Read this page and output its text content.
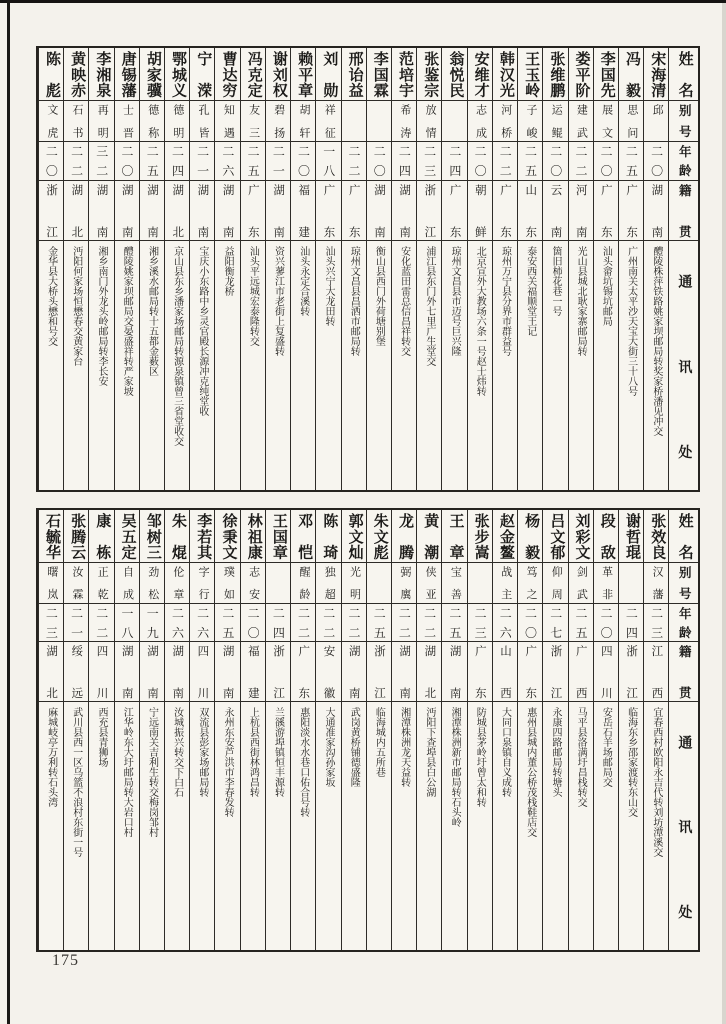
姓名
别号
年龄
籍贯
通讯处
宋海清
邱
二〇
湖南
醴陵株萍铁路姚家坝邮局转奖家桥潘见冲交
冯毅
思问
二五
广东
广州南关太平沙天宝大街三十八号
李国先
展文
二〇
广东
汕头畲坑锡坑邮局
娄平阶
建武
二二
河南
光山县城北耿家寨邮局转
张维鹏
运鲲
二〇
云南
箇旧柿花巷一号
王玉岭
子峻
二五
山东
泰安西关福顺堂王记
韩汉光
河桥
二二
广东
琼州万宁县分界市群益号
安维才
志成
二〇
朝鲜
北京宣外大教场六条一号赵士炜转
翁悦民
二四
广东
琼州文昌县市迈号巨兴隆
张鉴宗
放情
二三
浙江
浦江县东门外七里广生堂交
范培宇
希涛
二四
湖南
安化蓝田雷总信昌祥转交
李国霖
二〇
湖南
衡山县西门外荷塘别堡
邢诒益
二二
广东
琼州文昌县昌洒市邮局转
刘勋
祥征
一八
广东
汕头兴宁大龙田转
赖平章
胡轩
二〇
福建
汕头永定合溪转
谢刘权
碧扬
二一
湖南
资兴蓼江市老街上复盛转
冯克定
友三
二五
广东
汕头平远城宏泰隆转交
曹达穷
知遇
二六
湖南
益阳衡龙桥
宁溁
孔皆
二一
湖南
宝庆小东路中乡灵官殿长源冲克纯堂收
鄂城义
德明
二四
湖北
京山县东乡潘家场邮局转源泉镇曾三省堂收交
胡家骥
德称
二五
湖南
湘乡溪水邮局转十五都金薮区
唐锡藩
士晋
二〇
湖南
醴陵姚家坝邮局交晏盛祥转严家坡
李湘泉
再明
三二
湖南
湘乡南门外龙头岭邮局转李长安
黄映赤
石书
二二
湖北
沔阳何家场恒懋春交黄家台
陈彪
文虎
二〇
浙江
金华县大桥头懋和号交
姓名
别号
年龄
籍贯
通讯处
张效良
汉藩
二三
江西
宜春西村欧阳永吉代转刘坊潭溪交
谢哲琨
二四
浙江
临海东乡邵家渡转东山交
段敌
革非
二〇
四川
安岳石羊场邮局交
刘彩文
剑武
二五
广西
马平县洛满圩昌栈转交
吕文郁
仰周
二七
浙江
永康四路邮局转塘头
杨毅
笃之
二〇
广东
惠州县城内董公桥茂栈鞋店交
赵金鳌
战主
二六
山西
大同口泉镇自义成转
张步嵩
二三
广东
防城县茅岭圩曾太和转
王章
宝善
二五
湖南
湘潭株洲新市邮局转石头岭
黄潮
侠亚
二二
湖北
沔阳下查埠县白公湖
龙腾
弼廙
二二
湖南
湘潭株洲龙天益转
朱文彪
二五
浙江
临海城内五所巷
郭文灿
光明
二二
湖南
武岗黄桥铺德盛隆
陈琦
独超
二二
安徽
大通准家沟孙家坂
邓恺
醒龄
二二
广东
惠阳淡水水巷口佑合号转
王国章
二四
浙江
兰豀游埠镇恒丰源转
林祖康
志安
二〇
福建
上杭县西街林鸿昌转
徐秉文
璞如
二五
湖南
永州东安芦洪市李春发转
李若其
字行
二六
四川
双流县彭家场邮局转
朱焜
伦章
二六
湖南
汝城振兴转交下白石
邹树三
劲松
一九
湖南
宁远南关吉利生转交梅岗邹村
吴五定
自成
一八
湖南
江华岭东大圩邮局转大岩口村
康栋
正乾
二二
四川
西充县青狮场
张腾云
汝霖
二一
绥远
武川县西一区乌篮不浪村东街一号
石毓华
曙岚
二三
湖北
麻城岐亭万利转石头湾
175
